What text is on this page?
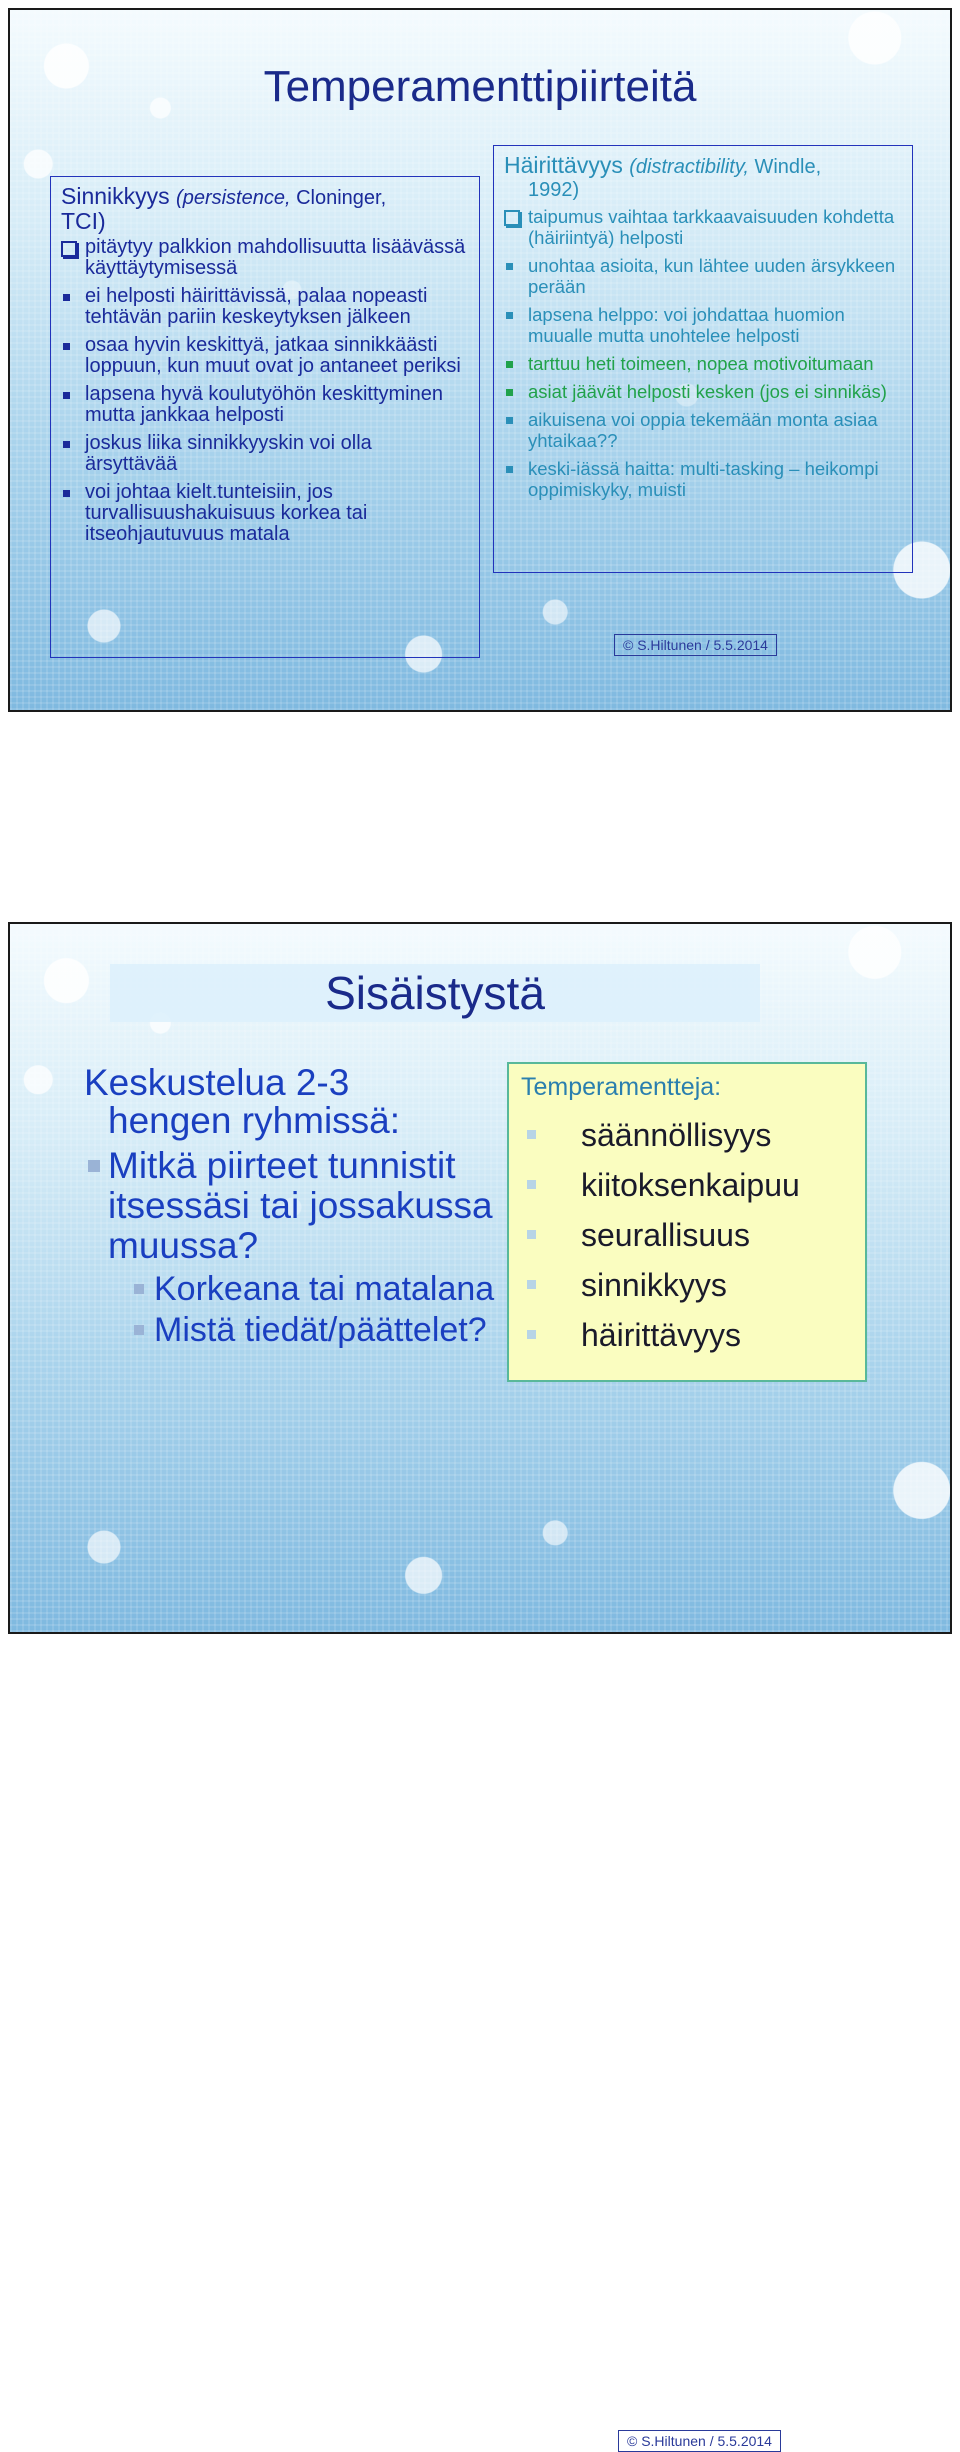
Temperamenttipiirteitä
Sinnikkyys (persistence, Cloninger,
TCI)
pitäytyy palkkion mahdollisuutta lisäävässä käyttäytymisessä
ei helposti häirittävissä, palaa nopeasti tehtävän pariin keskeytyksen jälkeen
osaa hyvin keskittyä, jatkaa sinnikkäästi loppuun, kun muut ovat jo antaneet periksi
lapsena hyvä koulutyöhön keskittyminen mutta jankkaa helposti
joskus liika sinnikkyyskin voi olla ärsyttävää
voi johtaa kielt.tunteisiin, jos turvallisuushakuisuus korkea tai itseohjautuvuus matala
Häirittävyys (distractibility, Windle,
1992)
taipumus vaihtaa tarkkaavaisuuden kohdetta (häiriintyä) helposti
unohtaa asioita, kun lähtee uuden ärsykkeen perään
lapsena helppo: voi johdattaa huomion muualle mutta unohtelee helposti
tarttuu heti toimeen, nopea motivoitumaan
asiat jäävät helposti kesken (jos ei sinnikäs)
aikuisena voi oppia tekemään monta asiaa yhtaikaa??
keski-iässä haitta: multi-tasking – heikompi oppimiskyky, muisti
© S.Hiltunen / 5.5.2014
Sisäistystä
Keskustelua 2-3
hengen ryhmissä:
Mitkä piirteet tunnistit itsessäsi tai jossakussa muussa?
Korkeana tai matalana
Mistä tiedät/päättelet?
Temperamentteja:
säännöllisyys
kiitoksenkaipuu
seurallisuus
sinnikkyys
häirittävyys
© S.Hiltunen / 5.5.2014
